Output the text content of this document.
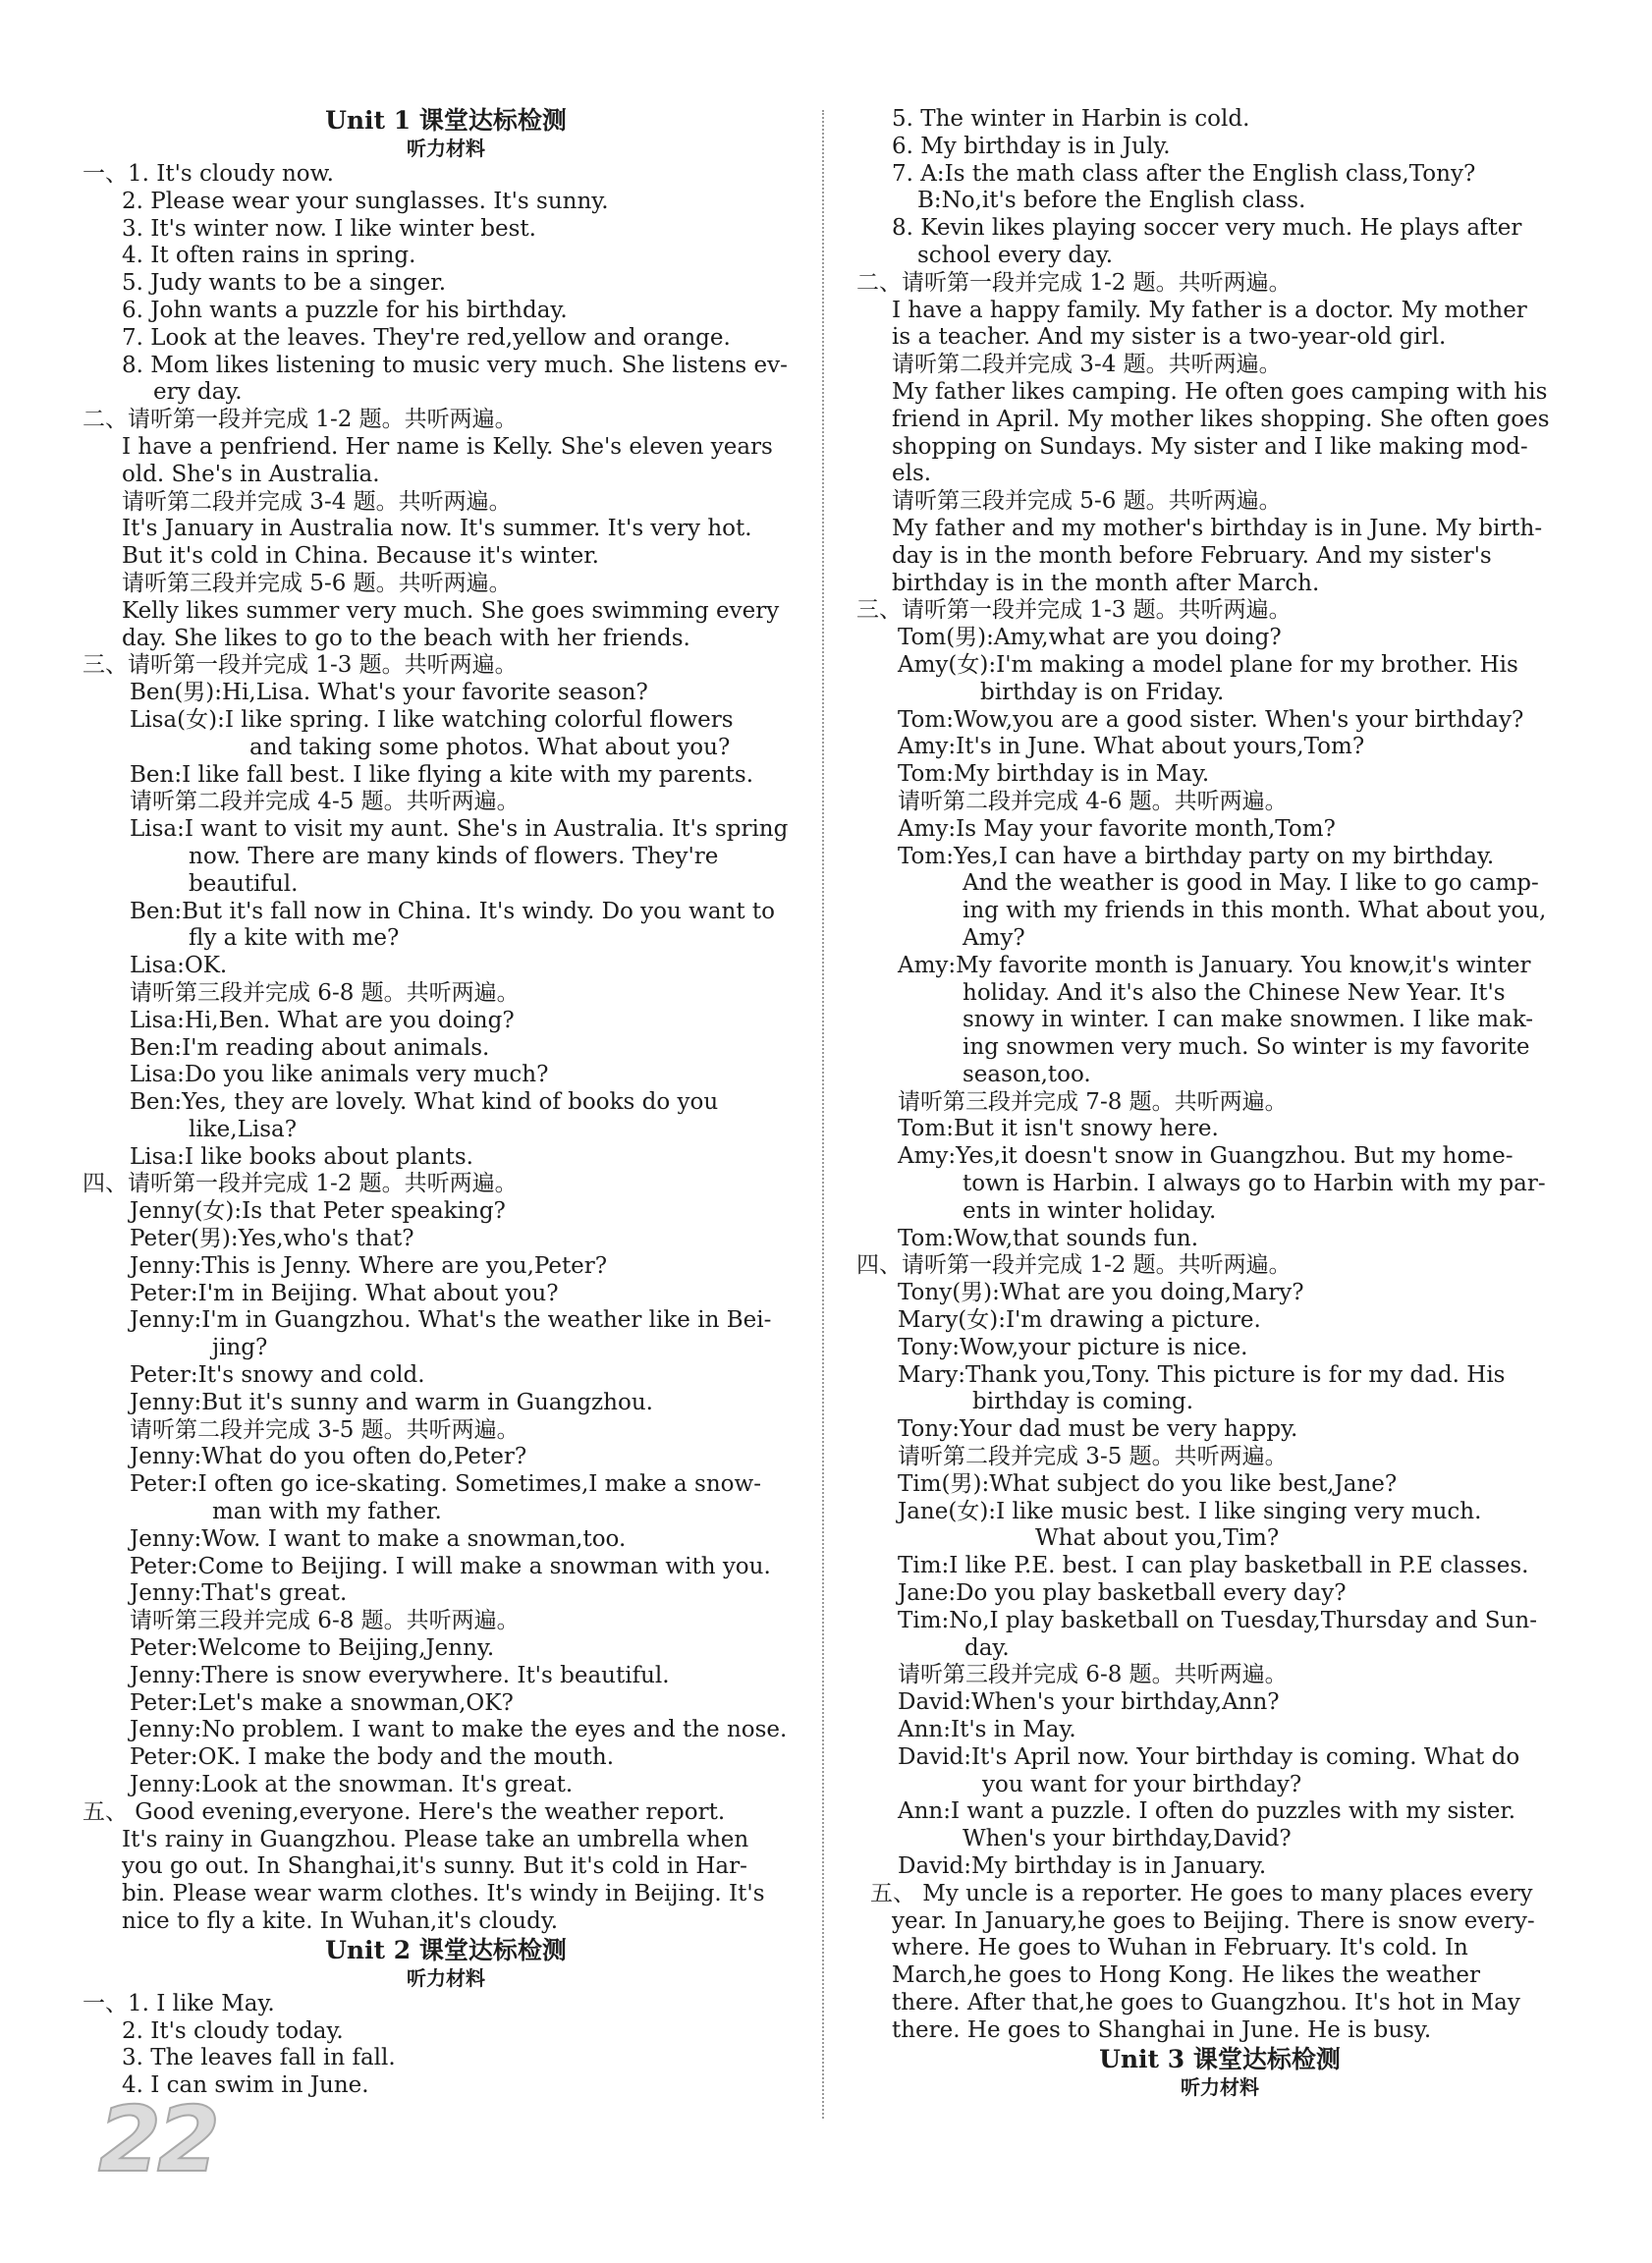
Unit 1 课堂达标检测
听力材料
一、1. It's cloudy now.
2. Please wear your sunglasses. It's sunny.
3. It's winter now. I like winter best.
4. It often rains in spring.
5. Judy wants to be a singer.
6. John wants a puzzle for his birthday.
7. Look at the leaves. They're red,yellow and orange.
8. Mom likes listening to music very much. She listens ev-
ery day.
二、请听第一段并完成 1-2 题。共听两遍。
I have a penfriend. Her name is Kelly. She's eleven years
old. She's in Australia.
请听第二段并完成 3-4 题。共听两遍。
It's January in Australia now. It's summer. It's very hot.
But it's cold in China. Because it's winter.
请听第三段并完成 5-6 题。共听两遍。
Kelly likes summer very much. She goes swimming every
day. She likes to go to the beach with her friends.
三、请听第一段并完成 1-3 题。共听两遍。
Ben(男):Hi,Lisa. What's your favorite season?
Lisa(女):I like spring. I like watching colorful flowers
and taking some photos. What about you?
Ben:I like fall best. I like flying a kite with my parents.
请听第二段并完成 4-5 题。共听两遍。
Lisa:I want to visit my aunt. She's in Australia. It's spring
now. There are many kinds of flowers. They're
beautiful.
Ben:But it's fall now in China. It's windy. Do you want to
fly a kite with me?
Lisa:OK.
请听第三段并完成 6-8 题。共听两遍。
Lisa:Hi,Ben. What are you doing?
Ben:I'm reading about animals.
Lisa:Do you like animals very much?
Ben:Yes, they are lovely. What kind of books do you
like,Lisa?
Lisa:I like books about plants.
四、请听第一段并完成 1-2 题。共听两遍。
Jenny(女):Is that Peter speaking?
Peter(男):Yes,who's that?
Jenny:This is Jenny. Where are you,Peter?
Peter:I'm in Beijing. What about you?
Jenny:I'm in Guangzhou. What's the weather like in Bei-
jing?
Peter:It's snowy and cold.
Jenny:But it's sunny and warm in Guangzhou.
请听第二段并完成 3-5 题。共听两遍。
Jenny:What do you often do,Peter?
Peter:I often go ice-skating. Sometimes,I make a snow-
man with my father.
Jenny:Wow. I want to make a snowman,too.
Peter:Come to Beijing. I will make a snowman with you.
Jenny:That's great.
请听第三段并完成 6-8 题。共听两遍。
Peter:Welcome to Beijing,Jenny.
Jenny:There is snow everywhere. It's beautiful.
Peter:Let's make a snowman,OK?
Jenny:No problem. I want to make the eyes and the nose.
Peter:OK. I make the body and the mouth.
Jenny:Look at the snowman. It's great.
五、 Good evening,everyone. Here's the weather report.
It's rainy in Guangzhou. Please take an umbrella when
you go out. In Shanghai,it's sunny. But it's cold in Har-
bin. Please wear warm clothes. It's windy in Beijing. It's
nice to fly a kite. In Wuhan,it's cloudy.
Unit 2 课堂达标检测
听力材料
一、1. I like May.
2. It's cloudy today.
3. The leaves fall in fall.
4. I can swim in June.
5. The winter in Harbin is cold.
6. My birthday is in July.
7. A:Is the math class after the English class,Tony?
B:No,it's before the English class.
8. Kevin likes playing soccer very much. He plays after
school every day.
二、请听第一段并完成 1-2 题。共听两遍。
I have a happy family. My father is a doctor. My mother
is a teacher. And my sister is a two-year-old girl.
请听第二段并完成 3-4 题。共听两遍。
My father likes camping. He often goes camping with his
friend in April. My mother likes shopping. She often goes
shopping on Sundays. My sister and I like making mod-
els.
请听第三段并完成 5-6 题。共听两遍。
My father and my mother's birthday is in June. My birth-
day is in the month before February. And my sister's
birthday is in the month after March.
三、请听第一段并完成 1-3 题。共听两遍。
Tom(男):Amy,what are you doing?
Amy(女):I'm making a model plane for my brother. His
birthday is on Friday.
Tom:Wow,you are a good sister. When's your birthday?
Amy:It's in June. What about yours,Tom?
Tom:My birthday is in May.
请听第二段并完成 4-6 题。共听两遍。
Amy:Is May your favorite month,Tom?
Tom:Yes,I can have a birthday party on my birthday.
And the weather is good in May. I like to go camp-
ing with my friends in this month. What about you,
Amy?
Amy:My favorite month is January. You know,it's winter
holiday. And it's also the Chinese New Year. It's
snowy in winter. I can make snowmen. I like mak-
ing snowmen very much. So winter is my favorite
season,too.
请听第三段并完成 7-8 题。共听两遍。
Tom:But it isn't snowy here.
Amy:Yes,it doesn't snow in Guangzhou. But my home-
town is Harbin. I always go to Harbin with my par-
ents in winter holiday.
Tom:Wow,that sounds fun.
四、请听第一段并完成 1-2 题。共听两遍。
Tony(男):What are you doing,Mary?
Mary(女):I'm drawing a picture.
Tony:Wow,your picture is nice.
Mary:Thank you,Tony. This picture is for my dad. His
birthday is coming.
Tony:Your dad must be very happy.
请听第二段并完成 3-5 题。共听两遍。
Tim(男):What subject do you like best,Jane?
Jane(女):I like music best. I like singing very much.
What about you,Tim?
Tim:I like P.E. best. I can play basketball in P.E classes.
Jane:Do you play basketball every day?
Tim:No,I play basketball on Tuesday,Thursday and Sun-
day.
请听第三段并完成 6-8 题。共听两遍。
David:When's your birthday,Ann?
Ann:It's in May.
David:It's April now. Your birthday is coming. What do
you want for your birthday?
Ann:I want a puzzle. I often do puzzles with my sister.
When's your birthday,David?
David:My birthday is in January.
五、 My uncle is a reporter. He goes to many places every
year. In January,he goes to Beijing. There is snow every-
where. He goes to Wuhan in February. It's cold. In
March,he goes to Hong Kong. He likes the weather
there. After that,he goes to Guangzhou. It's hot in May
there. He goes to Shanghai in June. He is busy.
Unit 3 课堂达标检测
听力材料
22
